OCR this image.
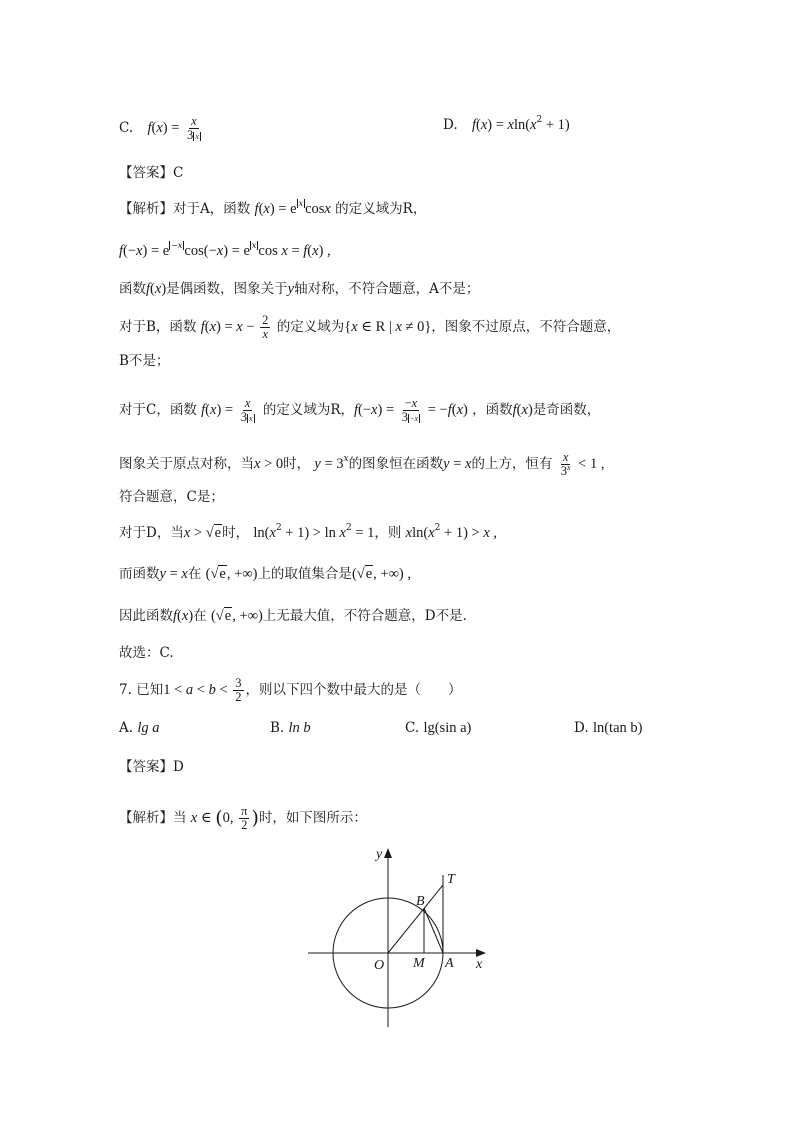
C. $f(x) = \frac{x}{3 x}$	D. $f(x) = xln(x^2 + 1)$
【答案】C
【解析】对于A，函数 f(x) = e $^x$ cosx 的定义域为R，
f(−x) = e $^{-x}$ cos(−x) = e $^x$ cos x = f(x) ,
函数f(x)是偶函数，图象关于y轴对称，不符合题意，A不是；
对于B，函数 $f(x) = x - \frac{2}{x}$ 的定义域为{x ∈ R | x ≠ 0}，图象不过原点，不符合题意，
B不是；
对于C，函数 $f(x) = \frac{x}{3 x}$ 的定义域为R，$f(-x) = \frac{-x}{3 -x} = -f(x)$ ，函数f(x)是奇函数，
图象关于原点对称，当x > 0时， $y = 3^x$的图象恒在函数y = x的上方，恒有 $\frac{x}{3^x} < 1$ ,
符合题意，C是；
对于D，当x > √e时， $\ln(x^2 + 1) > \ln x^2 = 1$，则 $xln(x^2 + 1) > x$ ,
而函数y = x在 (√e, +∞)上的取值集合是(√e, +∞) ,
因此函数f(x)在 (√e, +∞)上无最大值，不符合题意，D不是.
故选：C.
7. 已知$1 < a < b < \frac{3}{2}$ ，则以下四个数中最大的是（　　）
A. lg a	B. ln b	C. lg(sin a)	D. ln(tan b)
【答案】D
【解析】当 x ∈ (0, $\frac{\pi}{2}$ )时，如下图所示：
y
T
B
O M A x
